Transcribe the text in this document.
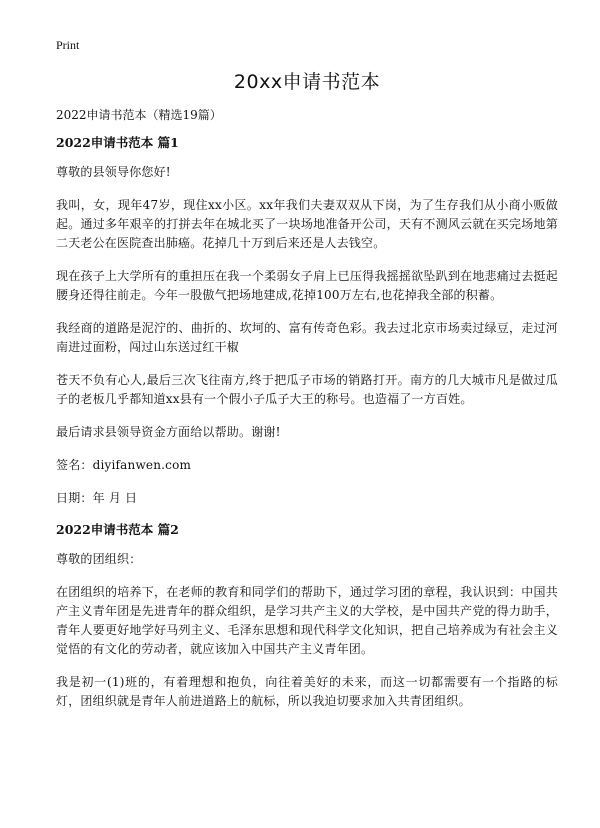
Print
20xx申请书范本
2022申请书范本（精选19篇）
2022申请书范本 篇1

尊敬的县领导你您好!

我叫，女，现年47岁，现住xx小区。xx年我们夫妻双双从下岗，为了生存我们从小商小贩做起。通过多年艰辛的打拼去年在城北买了一块场地准备开公司，天有不测风云就在买完场地第二天老公在医院查出肺癌。花掉几十万到后来还是人去钱空。

现在孩子上大学所有的重担压在我一个柔弱女子肩上已压得我摇摇欲坠趴到在地悲痛过去挺起腰身还得往前走。今年一股傲气把场地建成,花掉100万左右,也花掉我全部的积蓄。

我经商的道路是泥泞的、曲折的、坎坷的、富有传奇色彩。我去过北京市场卖过绿豆，走过河南进过面粉，闯过山东送过红干椒

苍天不负有心人,最后三次飞往南方,终于把瓜子市场的销路打开。南方的几大城市凡是做过瓜子的老板几乎都知道xx县有一个假小子瓜子大王的称号。也造福了一方百姓。

最后请求县领导资金方面给以帮助。谢谢!

签名：diyifanwen.com

日期：年 月 日

2022申请书范本 篇2

尊敬的团组织：

在团组织的培养下，在老师的教育和同学们的帮助下，通过学习团的章程，我认识到：中国共产主义青年团是先进青年的群众组织，是学习共产主义的大学校，是中国共产党的得力助手，青年人要更好地学好马列主义、毛泽东思想和现代科学文化知识，把自己培养成为有社会主义觉悟的有文化的劳动者，就应该加入中国共产主义青年团。

我是初一(1)班的，有着理想和抱负，向往着美好的未来，而这一切都需要有一个指路的标灯，团组织就是青年人前进道路上的航标，所以我迫切要求加入共青团组织。
